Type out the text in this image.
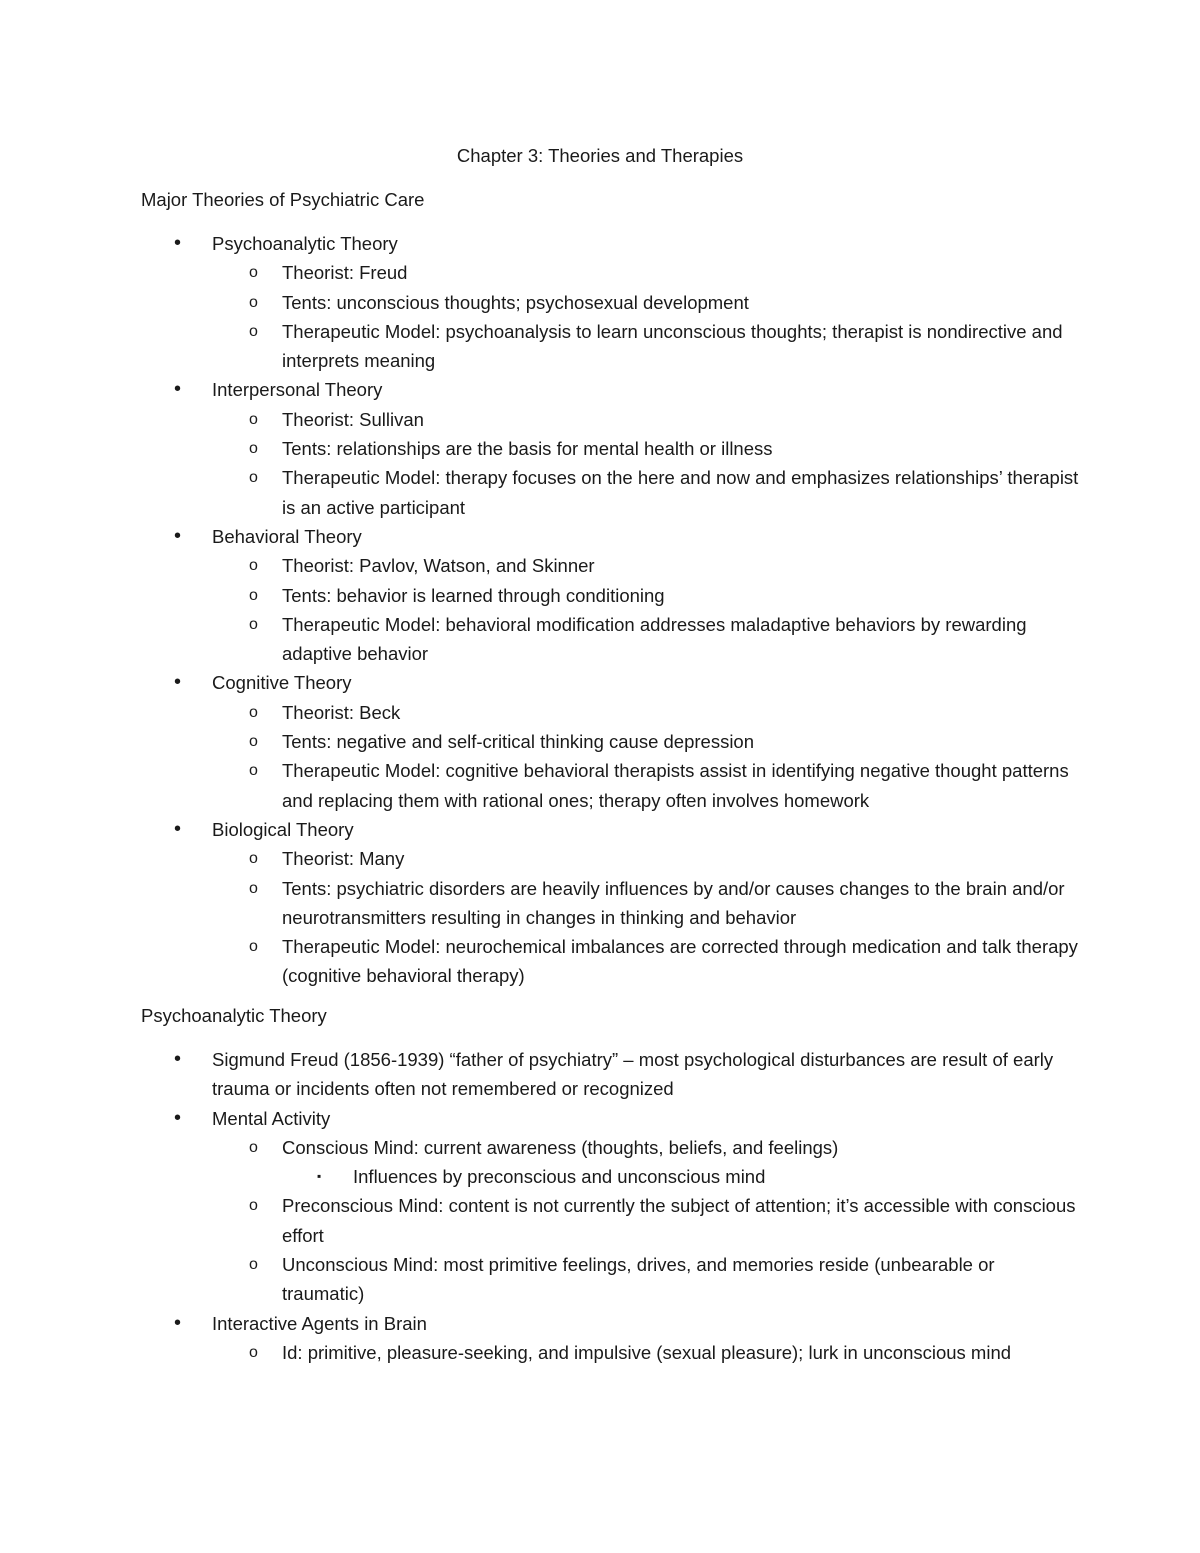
Chapter 3: Theories and Therapies
Major Theories of Psychiatric Care
• Psychoanalytic Theory
o Theorist: Freud
o Tents: unconscious thoughts; psychosexual development
o Therapeutic Model: psychoanalysis to learn unconscious thoughts; therapist is nondirective and interprets meaning
• Interpersonal Theory
o Theorist: Sullivan
o Tents: relationships are the basis for mental health or illness
o Therapeutic Model: therapy focuses on the here and now and emphasizes relationships’ therapist is an active participant
• Behavioral Theory
o Theorist: Pavlov, Watson, and Skinner
o Tents: behavior is learned through conditioning
o Therapeutic Model: behavioral modification addresses maladaptive behaviors by rewarding adaptive behavior
• Cognitive Theory
o Theorist: Beck
o Tents: negative and self-critical thinking cause depression
o Therapeutic Model: cognitive behavioral therapists assist in identifying negative thought patterns and replacing them with rational ones; therapy often involves homework
• Biological Theory
o Theorist: Many
o Tents: psychiatric disorders are heavily influences by and/or causes changes to the brain and/or neurotransmitters resulting in changes in thinking and behavior
o Therapeutic Model: neurochemical imbalances are corrected through medication and talk therapy (cognitive behavioral therapy)
Psychoanalytic Theory
• Sigmund Freud (1856-1939) “father of psychiatry” – most psychological disturbances are result of early trauma or incidents often not remembered or recognized
• Mental Activity
o Conscious Mind: current awareness (thoughts, beliefs, and feelings)
▪ Influences by preconscious and unconscious mind
o Preconscious Mind: content is not currently the subject of attention; it’s accessible with conscious effort
o Unconscious Mind: most primitive feelings, drives, and memories reside (unbearable or traumatic)
• Interactive Agents in Brain
o Id: primitive, pleasure-seeking, and impulsive (sexual pleasure); lurk in unconscious mind
